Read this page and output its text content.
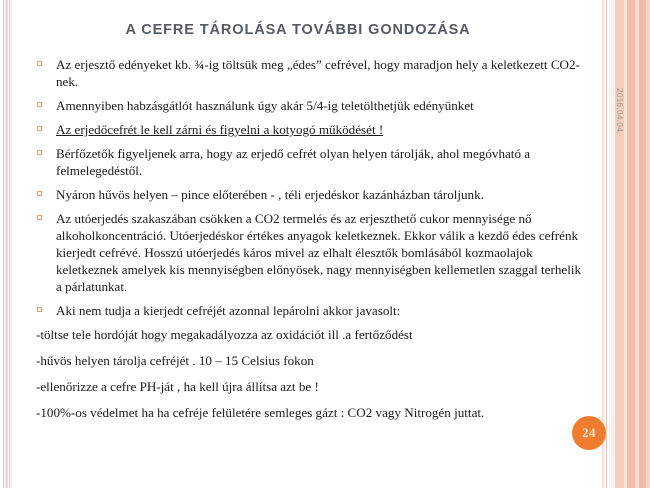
2016.04.04.
A CEFRE TÁROLÁSA TOVÁBBI GONDOZÁSA
Az erjesztő edényeket kb. ¾-ig töltsük meg „édes” cefrével, hogy maradjon hely a keletkezett CO2-nek.
Amennyiben habzásgátlót használunk úgy akár 5/4-ig teletölthetjük edényünket
Az erjedőcefrét le kell zárni és figyelni a kotyogó működését !
Bérfőzetők figyeljenek arra, hogy az erjedő cefrét olyan helyen tárolják, ahol megóvható a felmelegedéstől.
Nyáron hűvös helyen – pince előterében - , téli erjedéskor kazánházban tároljunk.
Az utóerjedés szakaszában csökken a CO2 termelés és az erjeszthető cukor mennyisége nő alkoholkoncentráció. Utóerjedéskor értékes anyagok keletkeznek. Ekkor válik a kezdő édes cefrénk kierjedt cefrévé. Hosszú utóerjedés káros mivel az elhalt élesztők bomlásából kozmaolajok keletkeznek amelyek kis mennyiségben előnyösek, nagy mennyiségben kellemetlen szaggal terhelik a párlatunkat.
Aki nem tudja a kierjedt cefréjét azonnal lepárolni akkor javasolt:
-töltse tele hordóját hogy megakadályozza az oxidációt ill .a fertőződést
-hűvös helyen tárolja cefréjét . 10 – 15 Celsius fokon
-ellenőrizze a cefre PH-ját , ha kell újra állítsa azt be !
-100%-os védelmet ha ha cefréje felületére semleges gázt : CO2 vagy Nitrogén juttat.
24
